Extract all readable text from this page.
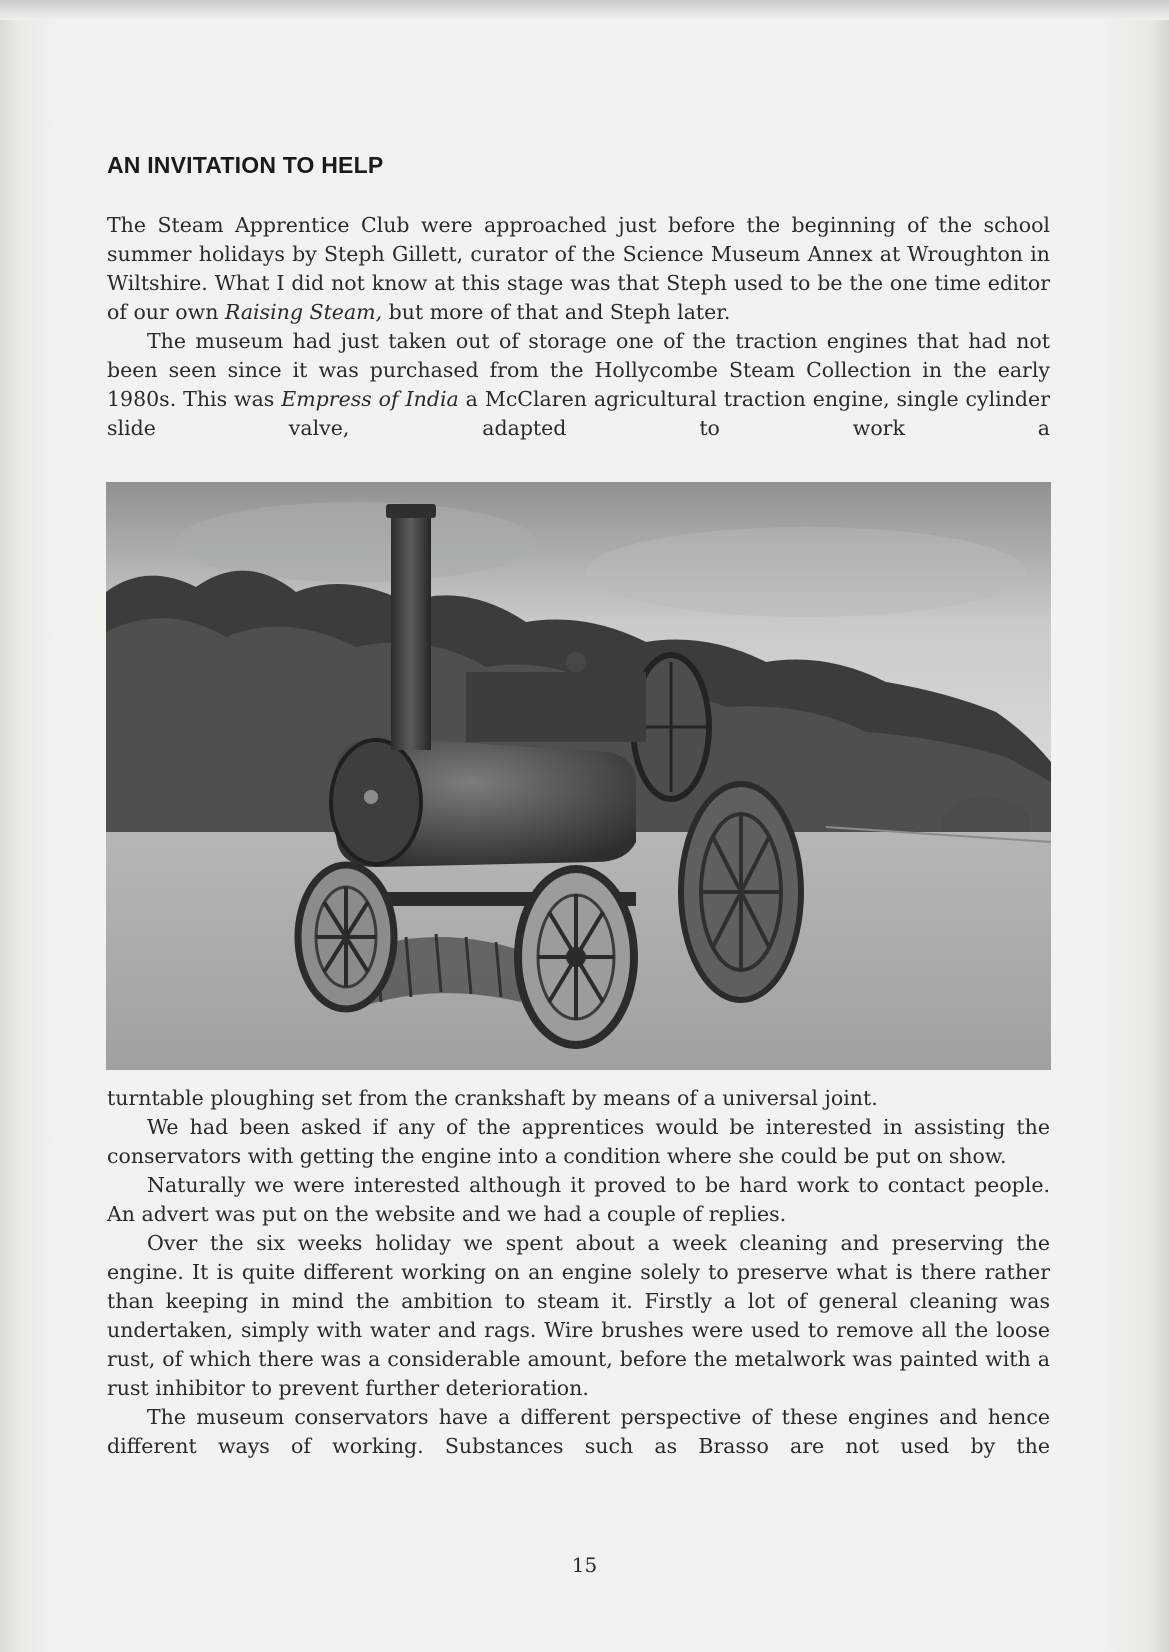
AN INVITATION TO HELP

The Steam Apprentice Club were approached just before the beginning of the school summer holidays by Steph Gillett, curator of the Science Museum Annex at Wroughton in Wiltshire. What I did not know at this stage was that Steph used to be the one time editor of our own Raising Steam, but more of that and Steph later.

The museum had just taken out of storage one of the traction engines that had not been seen since it was purchased from the Hollycombe Steam Collection in the early 1980s. This was Empress of India a McClaren agricultural traction engine, single cylinder slide valve, adapted to work a

turntable ploughing set from the crankshaft by means of a universal joint.

We had been asked if any of the apprentices would be interested in assisting the conservators with getting the engine into a condition where she could be put on show.

Naturally we were interested although it proved to be hard work to contact people. An advert was put on the website and we had a couple of replies.

Over the six weeks holiday we spent about a week cleaning and preserving the engine. It is quite different working on an engine solely to preserve what is there rather than keeping in mind the ambition to steam it. Firstly a lot of general cleaning was undertaken, simply with water and rags. Wire brushes were used to remove all the loose rust, of which there was a considerable amount, before the metalwork was painted with a rust inhibitor to prevent further deterioration.

The museum conservators have a different perspective of these engines and hence different ways of working. Substances such as Brasso are not used by the

15
